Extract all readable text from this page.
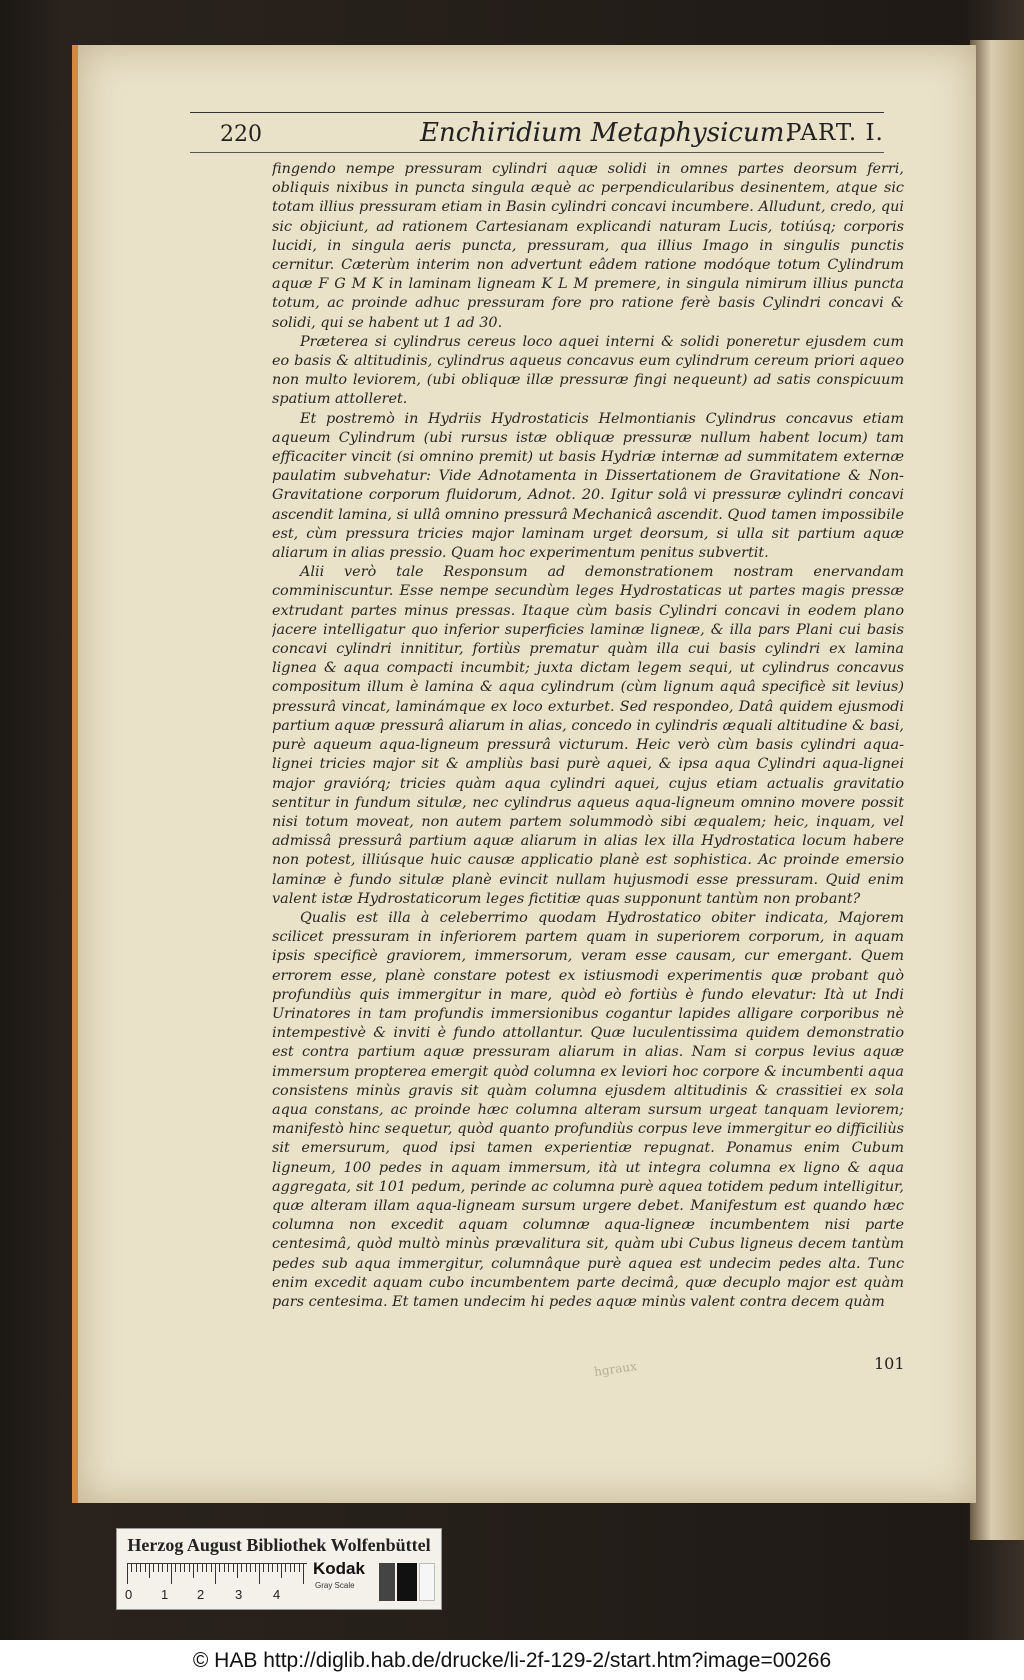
220	Enchiridium Metaphysicum.
PART. I.

fingendo nempe pressuram cylindri aquæ solidi in omnes partes deorsum ferri, obliquis nixibus in puncta singula æquè ac perpendicularibus desinentem, atque sic totam illius pressuram etiam in Basin cylindri concavi incumbere. Alludunt, credo, qui sic objiciunt, ad rationem Cartesianam explicandi naturam Lucis, totiúsq; corporis lucidi, in singula aeris puncta, pressuram, qua illius Imago in singulis punctis cernitur. Cæterùm interim non advertunt eâdem ratione modóque totum Cylindrum aquæ F G M K in laminam ligneam K L M premere, in singula nimirum illius puncta totum, ac proinde adhuc pressuram fore pro ratione ferè basis Cylindri concavi & solidi, qui se habent ut 1 ad 30.

Præterea si cylindrus cereus loco aquei interni & solidi poneretur ejusdem cum eo basis & altitudinis, cylindrus aqueus concavus eum cylindrum cereum priori aqueo non multo leviorem, (ubi obliquæ illæ pressuræ fingi nequeunt) ad satis conspicuum spatium attolleret.

Et postremò in Hydriis Hydrostaticis Helmontianis Cylindrus concavus etiam aqueum Cylindrum (ubi rursus istæ obliquæ pressuræ nullum habent locum) tam efficaciter vincit (si omnino premit) ut basis Hydriæ internæ ad summitatem externæ paulatim subvehatur: Vide Adnotamenta in Dissertationem de Gravitatione & Non-Gravitatione corporum fluidorum, Adnot. 20. Igitur solâ vi pressuræ cylindri concavi ascendit lamina, si ullâ omnino pressurâ Mechanicâ ascendit. Quod tamen impossibile est, cùm pressura tricies major laminam urget deorsum, si ulla sit partium aquæ aliarum in alias pressio. Quam hoc experimentum penitus subvertit.

Alii verò tale Responsum ad demonstrationem nostram enervandam comminiscuntur. Esse nempe secundùm leges Hydrostaticas ut partes magis pressæ extrudant partes minus pressas. Itaque cùm basis Cylindri concavi in eodem plano jacere intelligatur quo inferior superficies laminæ ligneæ, & illa pars Plani cui basis concavi cylindri innititur, fortiùs prematur quàm illa cui basis cylindri ex lamina lignea & aqua compacti incumbit; juxta dictam legem sequi, ut cylindrus concavus compositum illum è lamina & aqua cylindrum (cùm lignum aquâ specificè sit levius) pressurâ vincat, laminámque ex loco exturbet. Sed respondeo, Datâ quidem ejusmodi partium aquæ pressurâ aliarum in alias, concedo in cylindris æquali altitudine & basi, purè aqueum aqua-ligneum pressurâ victurum. Heic verò cùm basis cylindri aqua-lignei tricies major sit & ampliùs basi purè aquei, & ipsa aqua Cylindri aqua-lignei major graviórq; tricies quàm aqua cylindri aquei, cujus etiam actualis gravitatio sentitur in fundum situlæ, nec cylindrus aqueus aqua-ligneum omnino movere possit nisi totum moveat, non autem partem solummodò sibi æqualem; heic, inquam, vel admissâ pressurâ partium aquæ aliarum in alias lex illa Hydrostatica locum habere non potest, illiúsque huic causæ applicatio planè est sophistica. Ac proinde emersio laminæ è fundo situlæ planè evincit nullam hujusmodi esse pressuram. Quid enim valent istæ Hydrostaticorum leges fictitiæ quas supponunt tantùm non probant?

Qualis est illa à celeberrimo quodam Hydrostatico obiter indicata, Majorem scilicet pressuram in inferiorem partem quam in superiorem corporum, in aquam ipsis specificè graviorem, immersorum, veram esse causam, cur emergant. Quem errorem esse, planè constare potest ex istiusmodi experimentis quæ probant quò profundiùs quis immergitur in mare, quòd eò fortiùs è fundo elevatur: Ità ut Indi Urinatores in tam profundis immersionibus cogantur lapides alligare corporibus nè intempestivè & inviti è fundo attollantur. Quæ luculentissima quidem demonstratio est contra partium aquæ pressuram aliarum in alias. Nam si corpus levius aquæ immersum propterea emergit quòd columna ex leviori hoc corpore & incumbenti aqua consistens minùs gravis sit quàm columna ejusdem altitudinis & crassitiei ex sola aqua constans, ac proinde hæc columna alteram sursum urgeat tanquam leviorem; manifestò hinc sequetur, quòd quanto profundiùs corpus leve immergitur eo difficiliùs sit emersurum, quod ipsi tamen experientiæ repugnat. Ponamus enim Cubum ligneum, 100 pedes in aquam immersum, ità ut integra columna ex ligno & aqua aggregata, sit 101 pedum, perinde ac columna purè aquea totidem pedum intelligitur, quæ alteram illam aqua-ligneam sursum urgere debet. Manifestum est quando hæc columna non excedit aquam columnæ aqua-ligneæ incumbentem nisi parte centesimâ, quòd multò minùs prævalitura sit, quàm ubi Cubus ligneus decem tantùm pedes sub aqua immergitur, columnâque purè aquea est undecim pedes alta. Tunc enim excedit aquam cubo incumbentem parte decimâ, quæ decuplo major est quàm pars centesima. Et tamen undecim hi pedes aquæ minùs valent contra decem quàm

101
hgraux
Herzog August Bibliothek Wolfenbüttel
0 1 2 3 4
Kodak
Gray Scale
© HAB http://diglib.hab.de/drucke/li-2f-129-2/start.htm?image=00266
